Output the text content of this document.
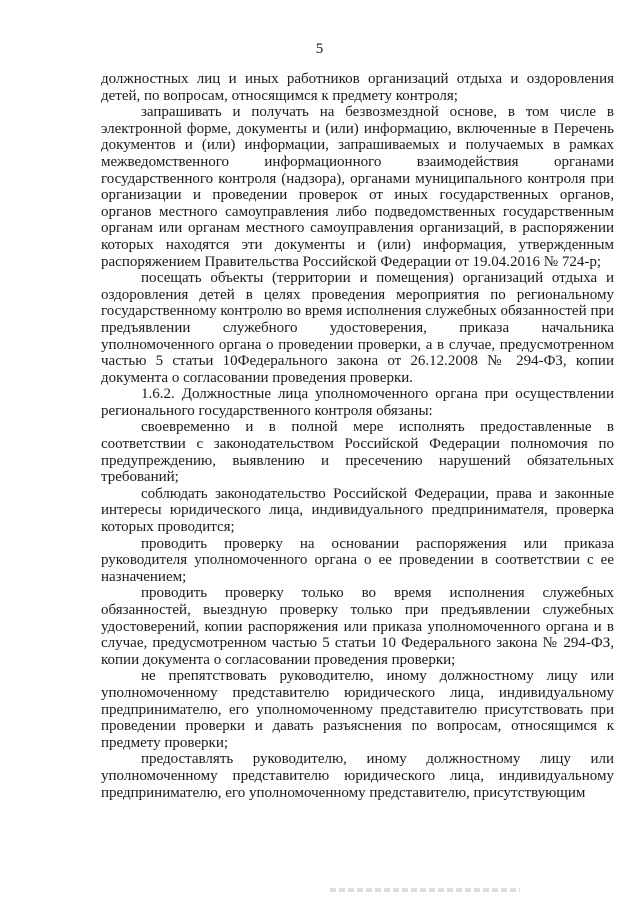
5

должностных лиц и иных работников организаций отдыха и оздоровления детей, по вопросам, относящимся к предмету контроля;

запрашивать и получать на безвозмездной основе, в том числе в электронной форме, документы и (или) информацию, включенные в Перечень документов и (или) информации, запрашиваемых и получаемых в рамках межведомственного информационного взаимодействия органами государственного контроля (надзора), органами муниципального контроля при организации и проведении проверок от иных государственных органов, органов местного самоуправления либо подведомственных государственным органам или органам местного самоуправления организаций, в распоряжении которых находятся эти документы и (или) информация, утвержденным распоряжением Правительства Российской Федерации от 19.04.2016 № 724-р;

посещать объекты (территории и помещения) организаций отдыха и оздоровления детей в целях проведения мероприятия по региональному государственному контролю во время исполнения служебных обязанностей при предъявлении служебного удостоверения, приказа начальника уполномоченного органа о проведении проверки, а в случае, предусмотренном частью 5 статьи 10Федерального закона от 26.12.2008 № 294-ФЗ, копии документа о согласовании проведения проверки.

1.6.2. Должностные лица уполномоченного органа при осуществлении регионального государственного контроля обязаны:

своевременно и в полной мере исполнять предоставленные в соответствии с законодательством Российской Федерации полномочия по предупреждению, выявлению и пресечению нарушений обязательных требований;

соблюдать законодательство Российской Федерации, права и законные интересы юридического лица, индивидуального предпринимателя, проверка которых проводится;

проводить проверку на основании распоряжения или приказа руководителя уполномоченного органа о ее проведении в соответствии с ее назначением;

проводить проверку только во время исполнения служебных обязанностей, выездную проверку только при предъявлении служебных удостоверений, копии распоряжения или приказа уполномоченного органа и в случае, предусмотренном частью 5 статьи 10 Федерального закона № 294-ФЗ, копии документа о согласовании проведения проверки;

не препятствовать руководителю, иному должностному лицу или уполномоченному представителю юридического лица, индивидуальному предпринимателю, его уполномоченному представителю присутствовать при проведении проверки и давать разъяснения по вопросам, относящимся к предмету проверки;

предоставлять руководителю, иному должностному лицу или уполномоченному представителю юридического лица, индивидуальному предпринимателю, его уполномоченному представителю, присутствующим
